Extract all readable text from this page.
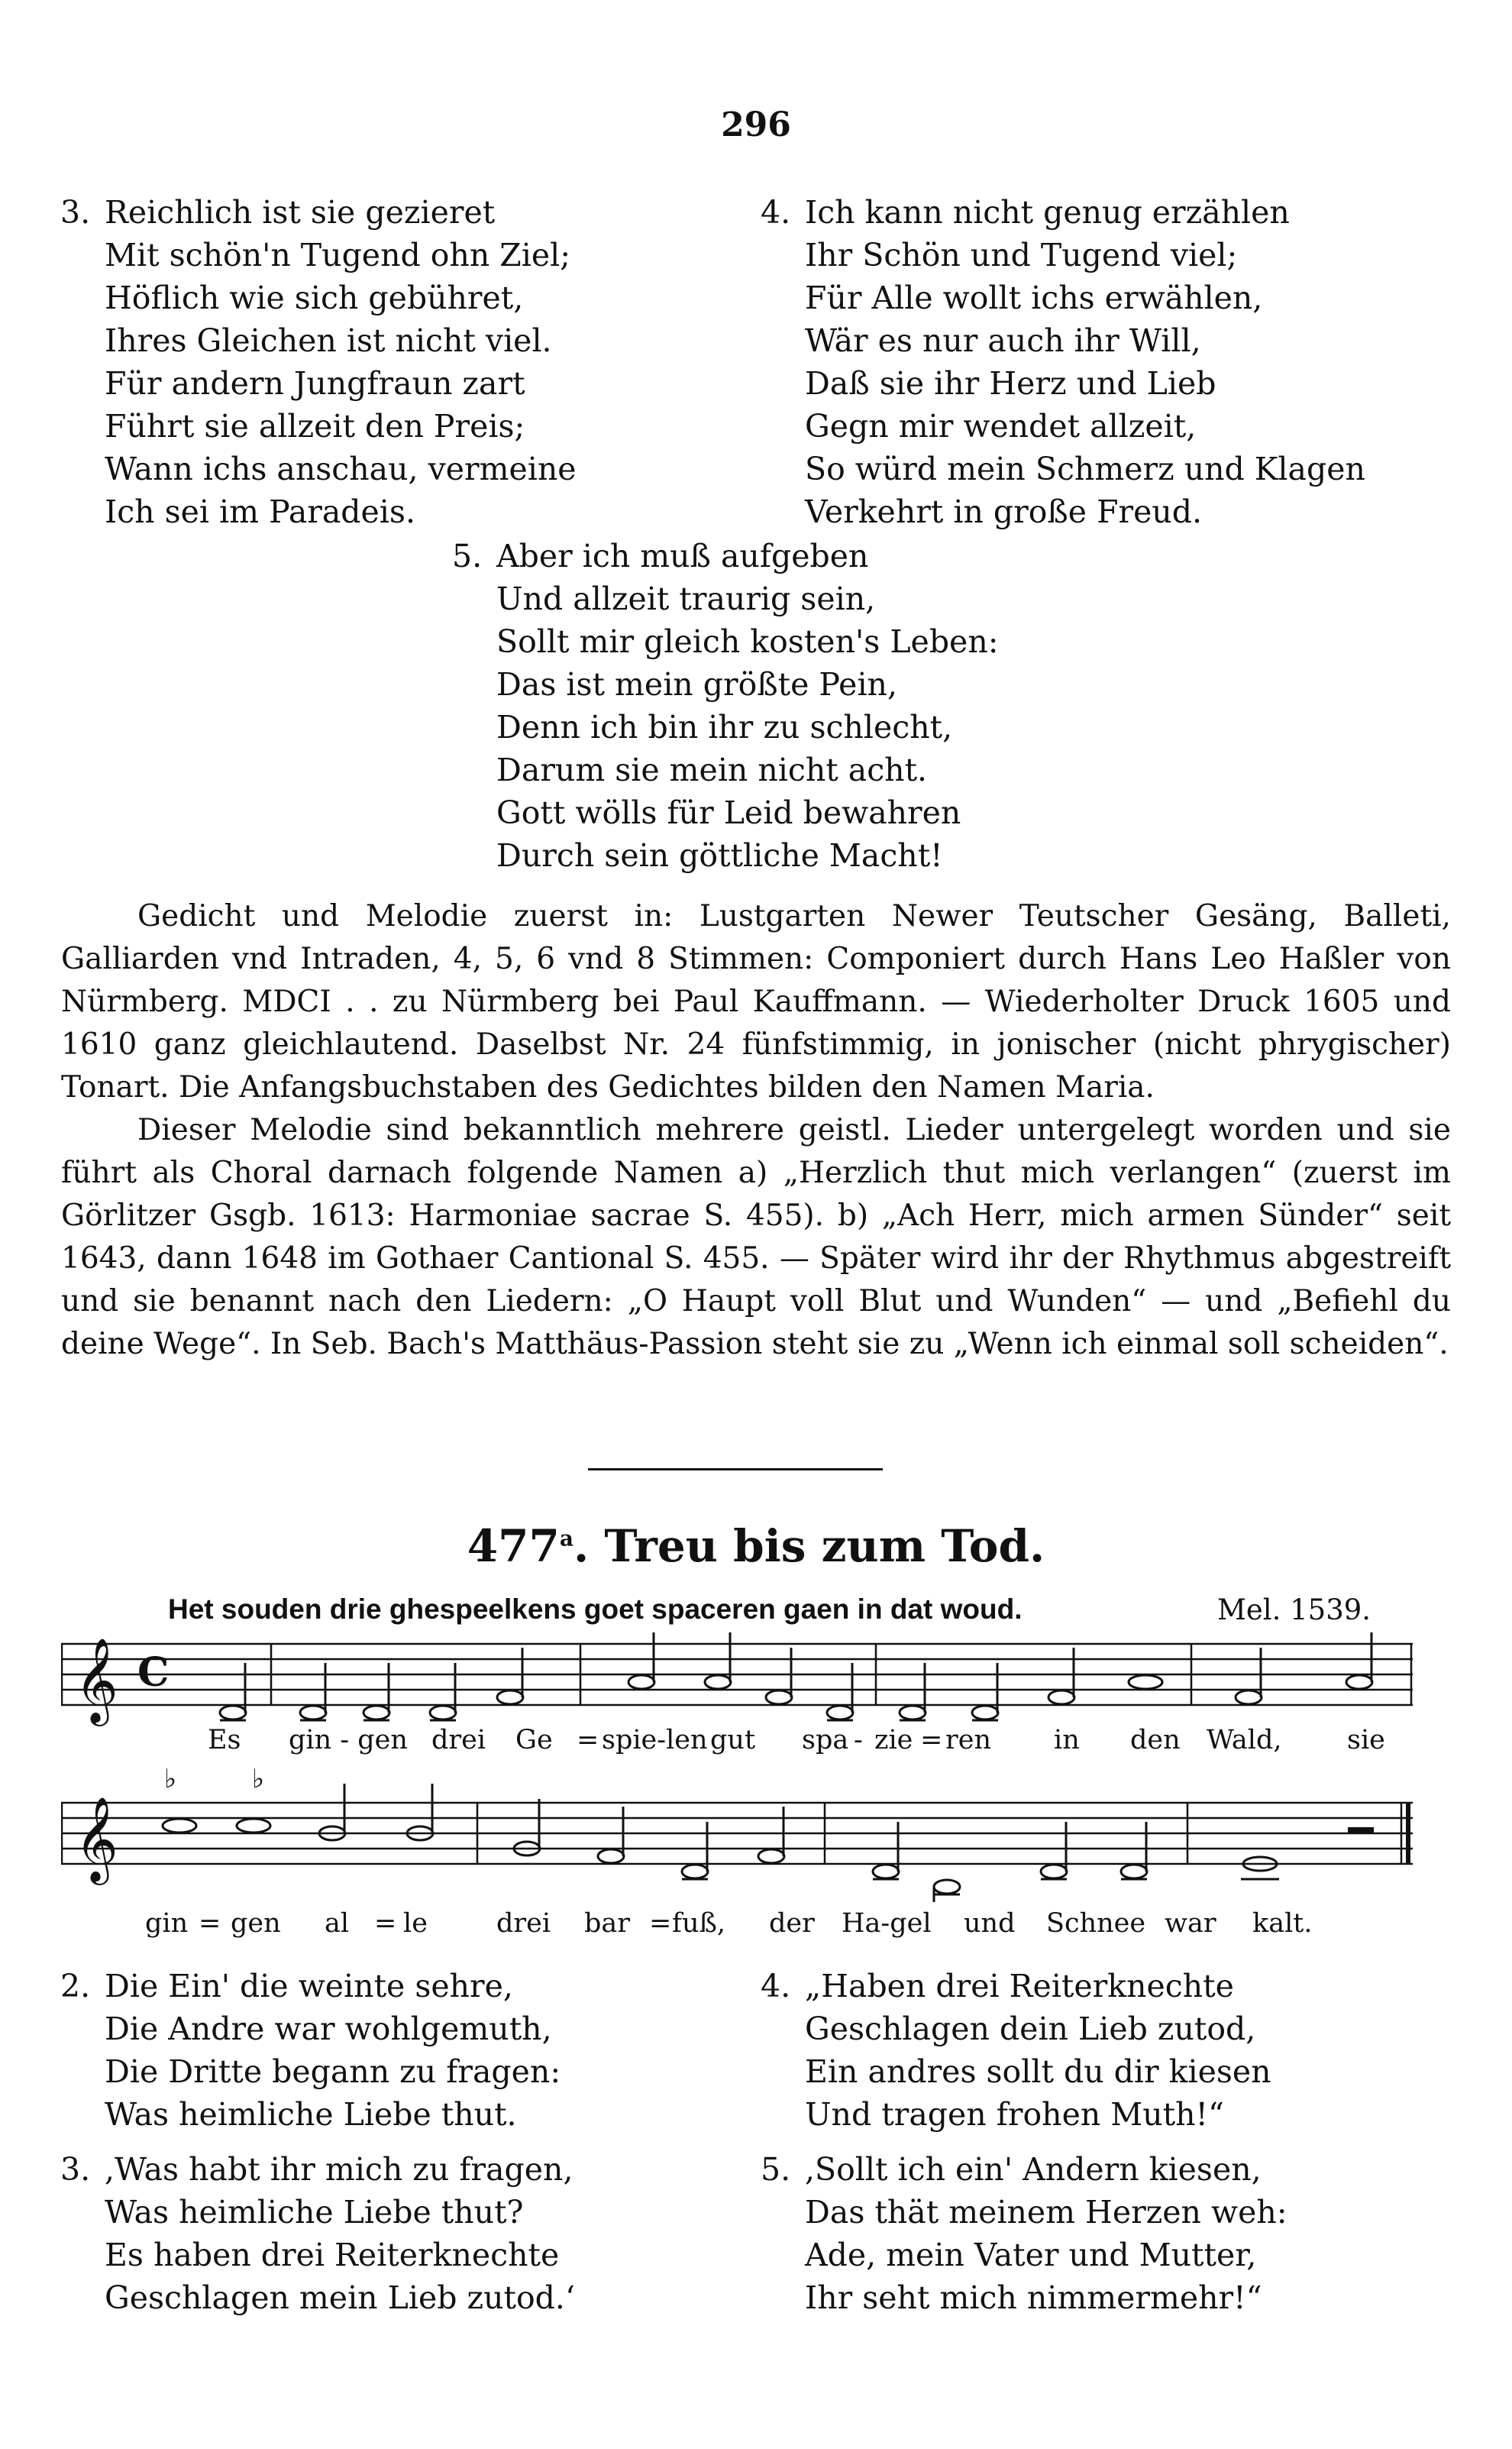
296
3. Reichlich ist sie gezieret
Mit schön'n Tugend ohn Ziel;
Höflich wie sich gebühret,
Ihres Gleichen ist nicht viel.
Für andern Jungfraun zart
Führt sie allzeit den Preis;
Wann ichs anschau, vermeine
Ich sei im Paradeis.
4. Ich kann nicht genug erzählen
Ihr Schön und Tugend viel;
Für Alle wollt ichs erwählen,
Wär es nur auch ihr Will,
Daß sie ihr Herz und Lieb
Gegn mir wendet allzeit,
So würd mein Schmerz und Klagen
Verkehrt in große Freud.
5. Aber ich muß aufgeben
Und allzeit traurig sein,
Sollt mir gleich kosten's Leben:
Das ist mein größte Pein,
Denn ich bin ihr zu schlecht,
Darum sie mein nicht acht.
Gott wölls für Leid bewahren
Durch sein göttliche Macht!

Gedicht und Melodie zuerst in: Lustgarten Newer Teutscher Gesäng, Balleti, Galliarden vnd Intraden, 4, 5, 6 vnd 8 Stimmen: Componiert durch Hans Leo Haßler von Nürmberg. MDCI . . zu Nürmberg bei Paul Kauffmann. — Wiederholter Druck 1605 und 1610 ganz gleichlautend. Daselbst Nr. 24 fünfstimmig, in jonischer (nicht phrygischer) Tonart. Die Anfangsbuchstaben des Gedichtes bilden den Namen Maria.

Dieser Melodie sind bekanntlich mehrere geistl. Lieder untergelegt worden und sie führt als Choral darnach folgende Namen a) „Herzlich thut mich verlangen“ (zuerst im Görlitzer Gsgb. 1613: Harmoniae sacrae S. 455). b) „Ach Herr, mich armen Sünder“ seit 1643, dann 1648 im Gothaer Cantional S. 455. — Später wird ihr der Rhythmus abgestreift und sie benannt nach den Liedern: „O Haupt voll Blut und Wunden“ — und „Befiehl du deine Wege“. In Seb. Bach's Matthäus-Passion steht sie zu „Wenn ich einmal soll scheiden“.

477$^a$. Treu bis zum Tod.
Het souden drie ghespeelkens goet spaceren gaen in dat woud.	Mel. 1539.
𝄞 C
Es gin - gen drei Ge = spie-len gut spa - zie = ren in den Wald, sie
𝄞
♭	♭
gin = gen al = le	drei bar = fuß, der Ha-gel und Schnee war kalt.
2. Die Ein' die weinte sehre,
Die Andre war wohlgemuth,
Die Dritte begann zu fragen:
Was heimliche Liebe thut.
4. „Haben drei Reiterknechte
Geschlagen dein Lieb zutod,
Ein andres sollt du dir kiesen
Und tragen frohen Muth!“
3. ,Was habt ihr mich zu fragen,
Was heimliche Liebe thut?
Es haben drei Reiterknechte
Geschlagen mein Lieb zutod.‘
5. ,Sollt ich ein' Andern kiesen,
Das thät meinem Herzen weh:
Ade, mein Vater und Mutter,
Ihr seht mich nimmermehr!“
